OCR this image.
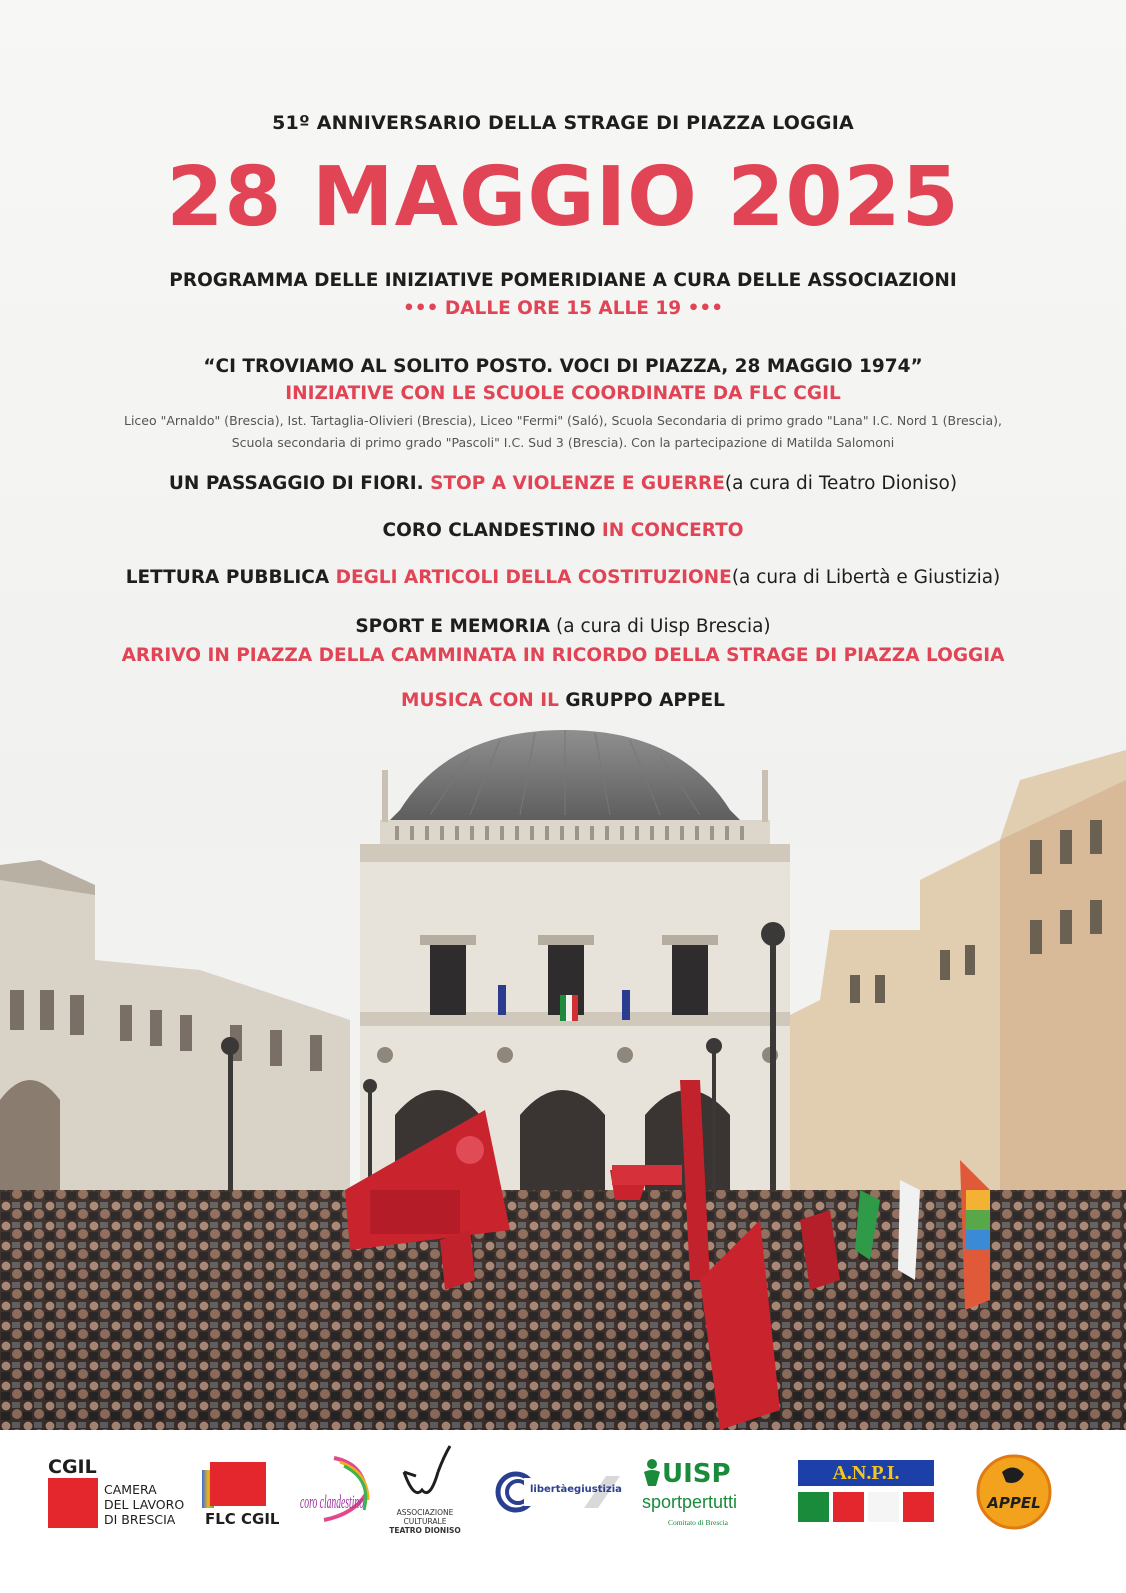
51º ANNIVERSARIO DELLA STRAGE DI PIAZZA LOGGIA
28 MAGGIO 2025
PROGRAMMA DELLE INIZIATIVE POMERIDIANE A CURA DELLE ASSOCIAZIONI
••• DALLE ORE 15 ALLE 19 •••
“CI TROVIAMO AL SOLITO POSTO. VOCI DI PIAZZA, 28 MAGGIO 1974”
INIZIATIVE CON LE SCUOLE COORDINATE DA FLC CGIL
Liceo "Arnaldo" (Brescia), Ist. Tartaglia-Olivieri (Brescia), Liceo "Fermi" (Saló), Scuola Secondaria di primo grado "Lana" I.C. Nord 1 (Brescia),
Scuola secondaria di primo grado "Pascoli" I.C. Sud 3 (Brescia). Con la partecipazione di Matilda Salomoni
UN PASSAGGIO DI FIORI. STOP A VIOLENZE E GUERRE(a cura di Teatro Dioniso)
CORO CLANDESTINO IN CONCERTO
LETTURA PUBBLICA DEGLI ARTICOLI DELLA COSTITUZIONE(a cura di Libertà e Giustizia)
SPORT E MEMORIA (a cura di Uisp Brescia)
ARRIVO IN PIAZZA DELLA CAMMINATA IN RICORDO DELLA STRAGE DI PIAZZA LOGGIA
MUSICA CON IL GRUPPO APPEL
CGIL
CAMERA
DEL LAVORO
DI BRESCIA	FLC CGIL
coro clandestino	ASSOCIAZIONE
CULTURALE
TEATRO DIONISO
libertàegiustizia
UISP
sportpertutti
Comitato di Brescia
A.N.P.I.
APPEL
